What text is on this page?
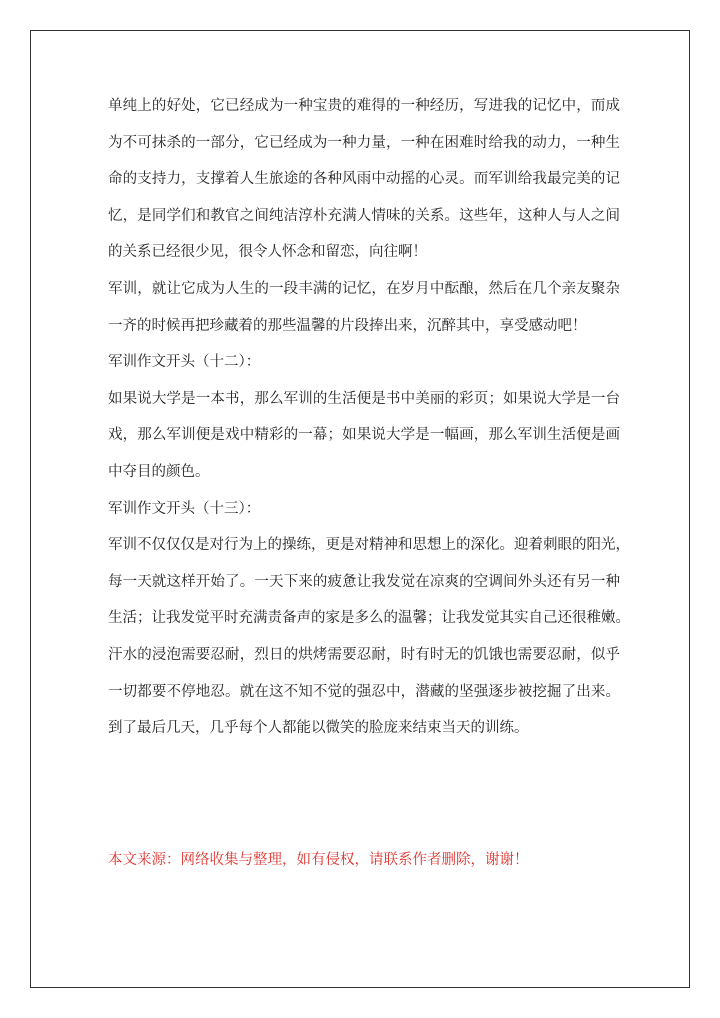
单纯上的好处，它已经成为一种宝贵的难得的一种经历，写进我的记忆中，而成
为不可抹杀的一部分，它已经成为一种力量，一种在困难时给我的动力，一种生
命的支持力，支撑着人生旅途的各种风雨中动摇的心灵。而军训给我最完美的记
忆，是同学们和教官之间纯洁淳朴充满人情味的关系。这些年，这种人与人之间
的关系已经很少见，很令人怀念和留恋，向往啊！
军训，就让它成为人生的一段丰满的记忆，在岁月中酝酿，然后在几个亲友聚杂
一齐的时候再把珍藏着的那些温馨的片段捧出来，沉醉其中，享受感动吧！
军训作文开头（十二）：
如果说大学是一本书，那么军训的生活便是书中美丽的彩页；如果说大学是一台
戏，那么军训便是戏中精彩的一幕；如果说大学是一幅画，那么军训生活便是画
中夺目的颜色。
军训作文开头（十三）：
军训不仅仅仅是对行为上的操练，更是对精神和思想上的深化。迎着刺眼的阳光，
每一天就这样开始了。一天下来的疲惫让我发觉在凉爽的空调间外头还有另一种
生活；让我发觉平时充满责备声的家是多么的温馨；让我发觉其实自己还很稚嫩。
汗水的浸泡需要忍耐，烈日的烘烤需要忍耐，时有时无的饥饿也需要忍耐，似乎
一切都要不停地忍。就在这不知不觉的强忍中，潜藏的坚强逐步被挖掘了出来。
到了最后几天，几乎每个人都能以微笑的脸庞来结束当天的训练。
本文来源：网络收集与整理，如有侵权，请联系作者删除，谢谢！
